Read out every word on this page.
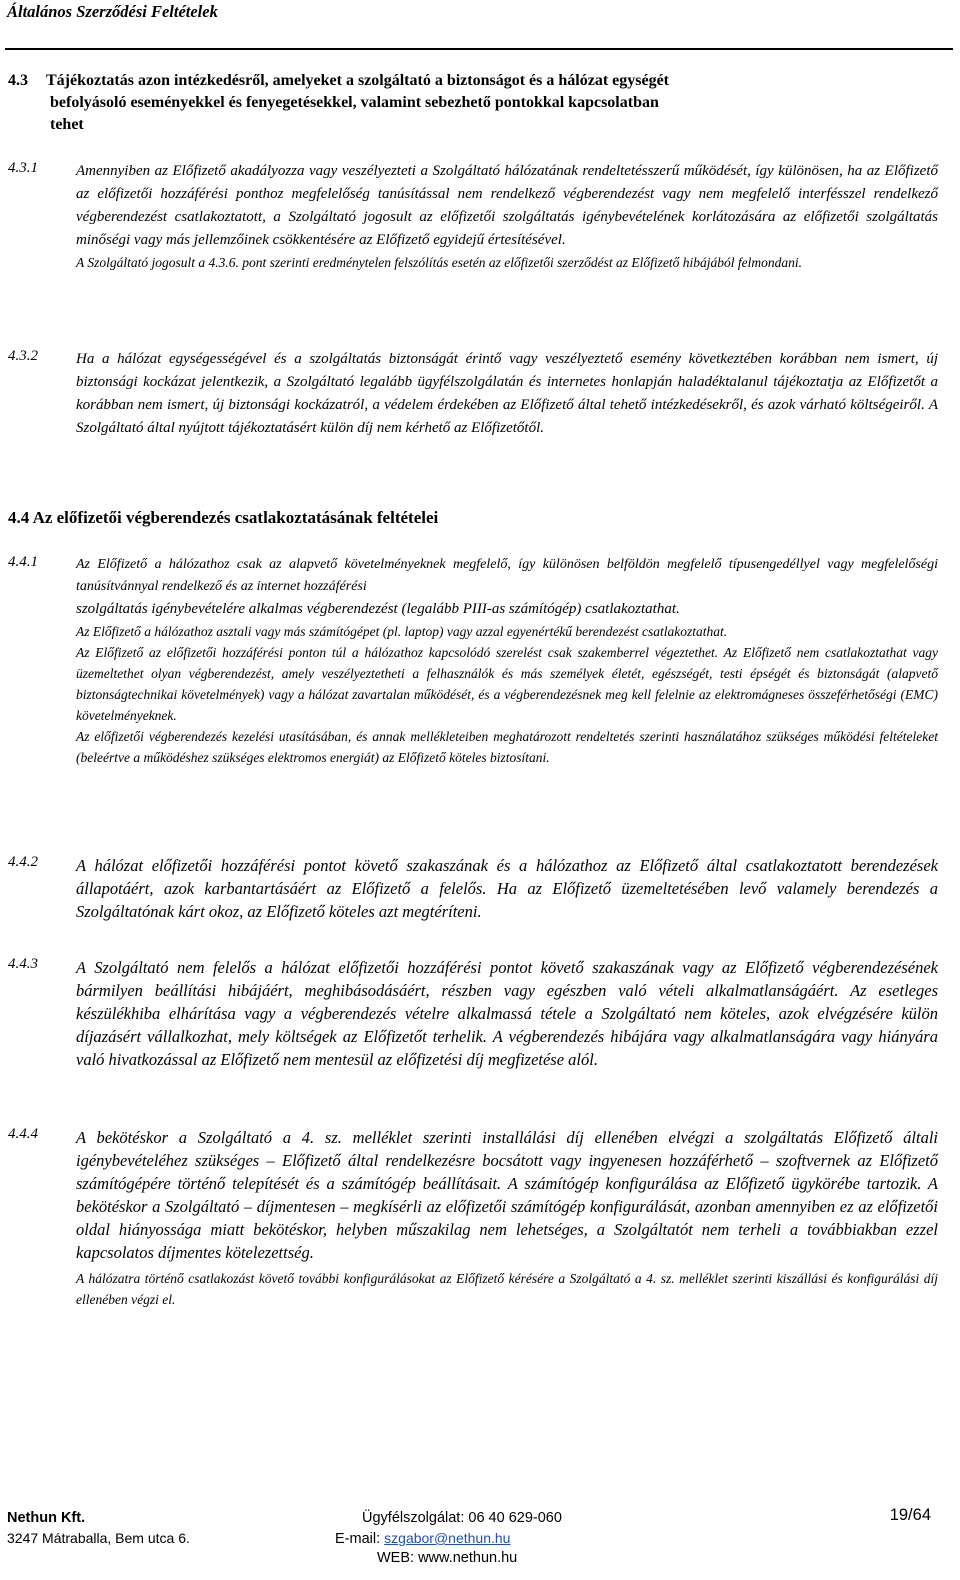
Általános Szerződési Feltételek
4.3 Tájékoztatás azon intézkedésről, amelyeket a szolgáltató a biztonságot és a hálózat egységét
befolyásoló eseményekkel és fenyegetésekkel, valamint sebezhető pontokkal kapcsolatban
tehet
4.3.1	Amennyiben az Előfizető akadályozza vagy veszélyezteti a Szolgáltató hálózatának rendeltetésszerű működését, így különösen, ha az Előfizető az előfizetői hozzáférési ponthoz megfelelőség tanúsítással nem rendelkező végberendezést vagy nem megfelelő interfésszel rendelkező végberendezést csatlakoztatott, a Szolgáltató jogosult az előfizetői szolgáltatás igénybevételének korlátozására az előfizetői szolgáltatás minőségi vagy más jellemzőinek csökkentésére az Előfizető egyidejű értesítésével.

A Szolgáltató jogosult a 4.3.6. pont szerinti eredménytelen felszólítás esetén az előfizetői szerződést az Előfizető hibájából felmondani.

4.3.2	Ha a hálózat egységességével és a szolgáltatás biztonságát érintő vagy veszélyeztető esemény következtében korábban nem ismert, új biztonsági kockázat jelentkezik, a Szolgáltató legalább ügyfélszolgálatán és internetes honlapján haladéktalanul tájékoztatja az Előfizetőt a korábban nem ismert, új biztonsági kockázatról, a védelem érdekében az Előfizető által tehető intézkedésekről, és azok várható költségeiről. A Szolgáltató által nyújtott tájékoztatásért külön díj nem kérhető az Előfizetőtől.

4.4 Az előfizetői végberendezés csatlakoztatásának feltételei
4.4.1	Az Előfizető a hálózathoz csak az alapvető követelményeknek megfelelő, így különösen belföldön megfelelő típusengedéllyel vagy megfelelőségi tanúsítvánnyal rendelkező és az internet hozzáférési

szolgáltatás igénybevételére alkalmas végberendezést (legalább PIII-as számítógép) csatlakoztathat.

Az Előfizető a hálózathoz asztali vagy más számítógépet (pl. laptop) vagy azzal egyenértékű berendezést csatlakoztathat.

Az Előfizető az előfizetői hozzáférési ponton túl a hálózathoz kapcsolódó szerelést csak szakemberrel végeztethet. Az Előfizető nem csatlakoztathat vagy üzemeltethet olyan végberendezést, amely veszélyeztetheti a felhasználók és más személyek életét, egészségét, testi épségét és biztonságát (alapvető biztonságtechnikai követelmények) vagy a hálózat zavartalan működését, és a végberendezésnek meg kell felelnie az elektromágneses összeférhetőségi (EMC) követelményeknek.

Az előfizetői végberendezés kezelési utasításában, és annak mellékleteiben meghatározott rendeltetés szerinti használatához szükséges működési feltételeket (beleértve a működéshez szükséges elektromos energiát) az Előfizető köteles biztosítani.

4.4.2	A hálózat előfizetői hozzáférési pontot követő szakaszának és a hálózathoz az Előfizető által csatlakoztatott berendezések állapotáért, azok karbantartásáért az Előfizető a felelős. Ha az Előfizető üzemeltetésében levő valamely berendezés a Szolgáltatónak kárt okoz, az Előfizető köteles azt megtéríteni.

4.4.3	A Szolgáltató nem felelős a hálózat előfizetői hozzáférési pontot követő szakaszának vagy az Előfizető végberendezésének bármilyen beállítási hibájáért, meghibásodásáért, részben vagy egészben való vételi alkalmatlanságáért. Az esetleges készülékhiba elhárítása vagy a végberendezés vételre alkalmassá tétele a Szolgáltató nem köteles, azok elvégzésére külön díjazásért vállalkozhat, mely költségek az Előfizetőt terhelik. A végberendezés hibájára vagy alkalmatlanságára vagy hiányára való hivatkozással az Előfizető nem mentesül az előfizetési díj megfizetése alól.

4.4.4	A bekötéskor a Szolgáltató a 4. sz. melléklet szerinti installálási díj ellenében elvégzi a szolgáltatás Előfizető általi igénybevételéhez szükséges – Előfizető által rendelkezésre bocsátott vagy ingyenesen hozzáférhető – szoftvernek az Előfizető számítógépére történő telepítését és a számítógép beállításait. A számítógép konfigurálása az Előfizető ügykörébe tartozik. A bekötéskor a Szolgáltató – díjmentesen – megkísérli az előfizetői számítógép konfigurálását, azonban amennyiben ez az előfizetői oldal hiányossága miatt bekötéskor, helyben műszakilag nem lehetséges, a Szolgáltatót nem terheli a továbbiakban ezzel kapcsolatos díjmentes kötelezettség.

A hálózatra történő csatlakozást követő további konfigurálásokat az Előfizető kérésére a Szolgáltató a 4. sz. melléklet szerinti kiszállási és konfigurálási díj ellenében végzi el.

Nethun Kft.
3247 Mátraballa, Bem utca 6.
Ügyfélszolgálat: 06 40 629-060
E-mail: szgabor@nethun.hu
WEB: www.nethun.hu
19/64
